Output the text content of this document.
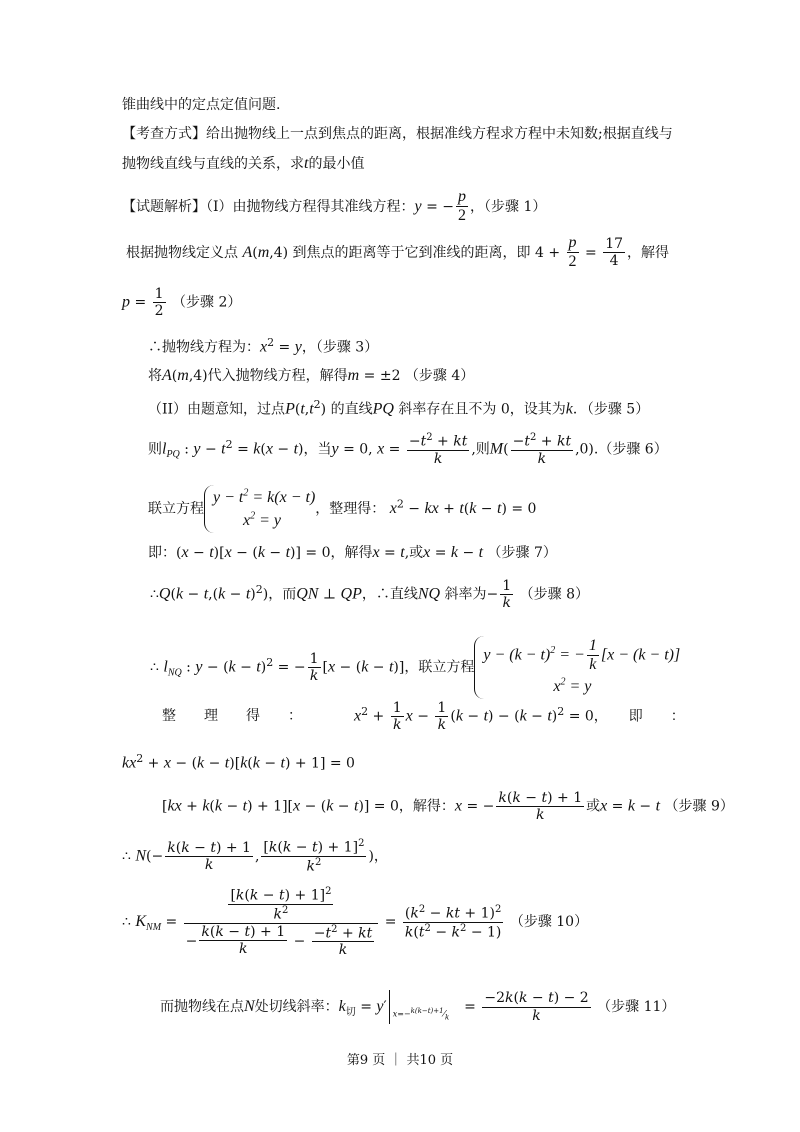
锥曲线中的定点定值问题.
【考查方式】给出抛物线上一点到焦点的距离，根据准线方程求方程中未知数;根据直线与
抛物线直线与直线的关系，求t的最小值
【试题解析】（I）由抛物线方程得其准线方程：y = − $\frac{p}{2}$ ，（步骤 1）
根据抛物线定义点 A(m,4) 到焦点的距离等于它到准线的距离，即 $4 + \frac{p}{2} = \frac{17}{4}$ ，解得
$p = \frac{1}{2}$ （步骤 2）
∴抛物线方程为：$x^2 = y$，（步骤 3）
将A(m,4)代入抛物线方程，解得m = ±2 （步骤 4）
（II）由题意知，过点$P(t,t^2)$ 的直线PQ 斜率存在且不为 0，设其为k．（步骤 5）
则$l_{PQ}$ : $y - t^2 = k(x - t)$，当y = 0, $x = \frac{-t^2 + kt}{k}$ ,则$M( \frac{-t^2 + kt}{k} ,0)$.（步骤 6）
联立方程
$y - t^2 = k(x - t)$
$x^2 = y$
，整理得： $x^2$ − kx + t(k − t) = 0
即：(x − t)[x − (k − t)] = 0，解得x = t,或x = k − t （步骤 7）
∴Q(k − $t,(k - t)^2$)，而QN ⊥ QP，∴直线NQ 斜率为− $\frac{1}{k}$ （步骤 8）
∴ $l_{NQ}$ : $y - (k - t)^2$ = − $\frac{1}{k} [x - (k - t)]$，联立方程
$y - (k - t)^2$ = − $\frac{1}{k} [x - (k - t)]$
$x^2 = y$
整　　理　　得　　：	$x^2 + \frac{1}{k}$ $x - \frac{1}{k} (k - t) - (k - t)^2 = 0$，　　即　　：
$kx^2 + x - (k - t)[k(k - t) + 1] = 0$
[kx + k(k − t) + 1][x − (k − t)] = 0，解得：x = − $\frac{k(k - t) + 1}{k}$ 或x = k − t （步骤 9）
∴ $N(- \frac{k(k - t) + 1}{k}$ , $\frac{[k(k - t) + 1]^2}{k^2}$ )，
∴ $K_{NM}$ =	$\frac{[k(k - t) + 1]^2}{k^2}$
− $\frac{k(k - t) + 1}{k} - \frac{-t^2 + kt}{k}$
= $\frac{(k^2 - kt + 1)^2}{k(t^2 - k^2 - 1)}$ （步骤 10）
而抛物线在点N处切线斜率：$k_切 = y'$ $x=-^{k(k-t)+1}⁄_k$
= $\frac{-2k(k - t) - 2}{k}$ （步骤 11）
第9 页 ｜ 共10 页
